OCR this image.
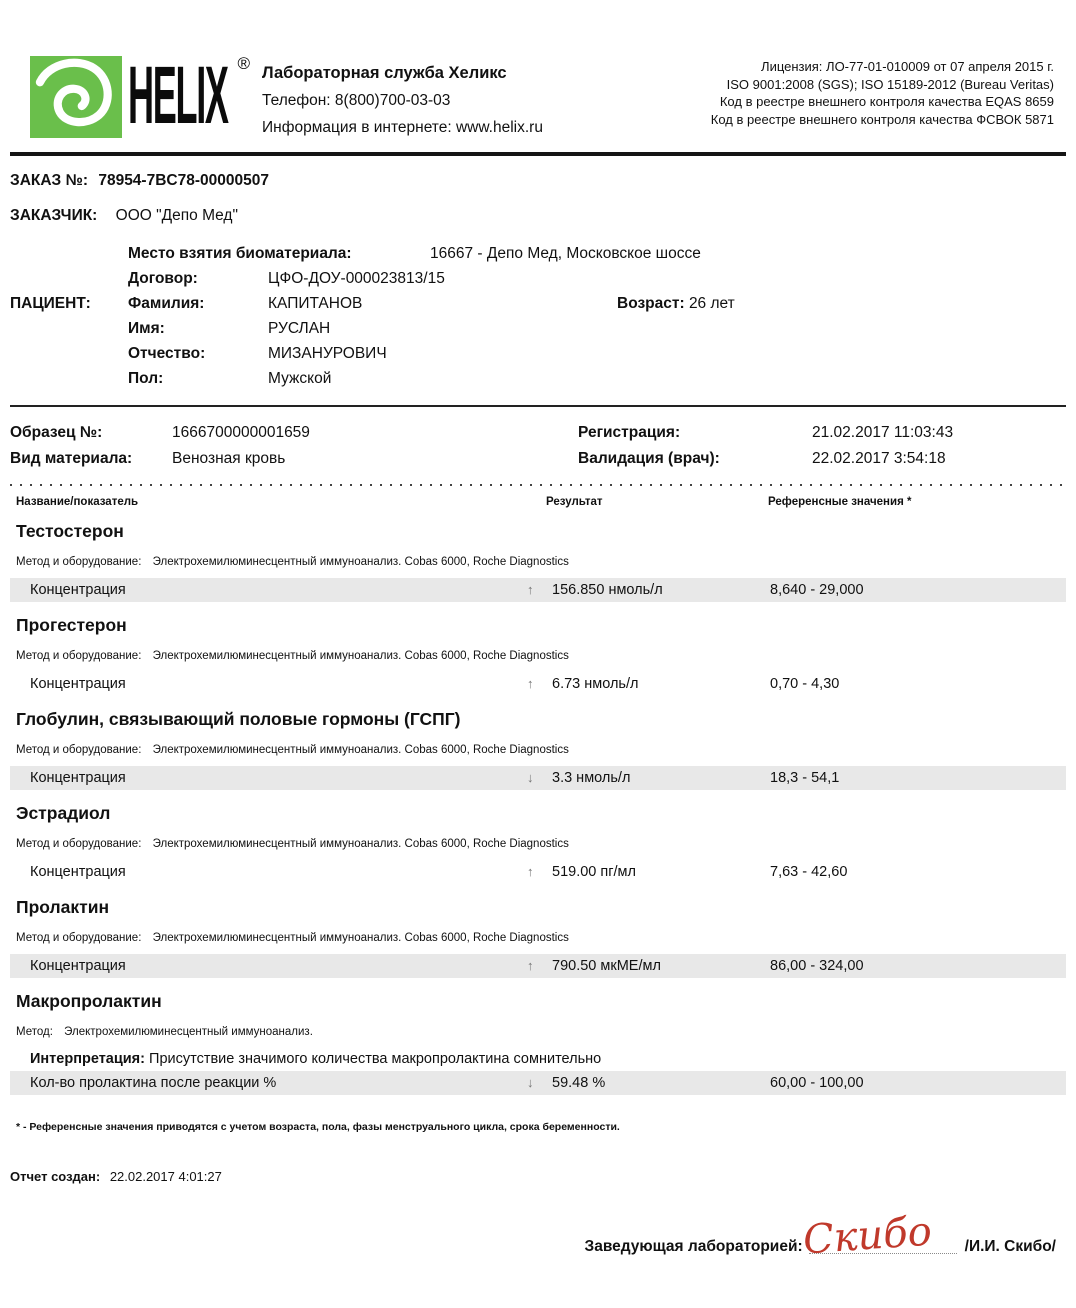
HELIX ® Лабораторная служба Хеликс
Телефон: 8(800)700-03-03
Информация в интернете: www.helix.ru
Лицензия: ЛО-77-01-010009 от 07 апреля 2015 г.
ISO 9001:2008 (SGS); ISO 15189-2012 (Bureau Veritas)
Код в реестре внешнего контроля качества EQAS 8659
Код в реестре внешнего контроля качества ФСВОК 5871
ЗАКАЗ №: 78954-7BC78-00000507
ЗАКАЗЧИК: ООО "Депо Мед"
Место взятия биоматериала:	16667 - Депо Мед, Московское шоссе
Договор:	ЦФО-ДОУ-000023813/15
ПАЦИЕНТ:	Фамилия:	КАПИТАНОВ	Возраст: 26 лет
Имя:	РУСЛАН
Отчество:	МИЗАНУРОВИЧ
Пол:	Мужской
Образец №:	1666700000001659
Вид материала:	Венозная кровь
Регистрация:	21.02.2017 11:03:43
Валидация (врач):	22.02.2017 3:54:18
Название/показатель	Результат	Референсные значения *
Тестостерон
Метод и оборудование: Электрохемилюминесцентный иммуноанализ. Cobas 6000, Roche Diagnostics
Концентрация	↑	156.850 нмоль/л	8,640 - 29,000
Прогестерон
Метод и оборудование: Электрохемилюминесцентный иммуноанализ. Cobas 6000, Roche Diagnostics
Концентрация	↑	6.73 нмоль/л	0,70 - 4,30
Глобулин, связывающий половые гормоны (ГСПГ)
Метод и оборудование: Электрохемилюминесцентный иммуноанализ. Cobas 6000, Roche Diagnostics
Концентрация	↓	3.3 нмоль/л	18,3 - 54,1
Эстрадиол
Метод и оборудование: Электрохемилюминесцентный иммуноанализ. Cobas 6000, Roche Diagnostics
Концентрация	↑	519.00 пг/мл	7,63 - 42,60
Пролактин
Метод и оборудование: Электрохемилюминесцентный иммуноанализ. Cobas 6000, Roche Diagnostics
Концентрация	↑	790.50 мкМЕ/мл	86,00 - 324,00
Макропролактин
Метод: Электрохемилюминесцентный иммуноанализ.
Интерпретация: Присутствие значимого количества макропролактина сомнительно
Кол-во пролактина после реакции %	↓	59.48 %	60,00 - 100,00
* - Референсные значения приводятся с учетом возраста, пола, фазы менструального цикла, срока беременности.
Отчет создан: 22.02.2017 4:01:27
Заведующая лабораторией:
Скибо /И.И. Скибо/
